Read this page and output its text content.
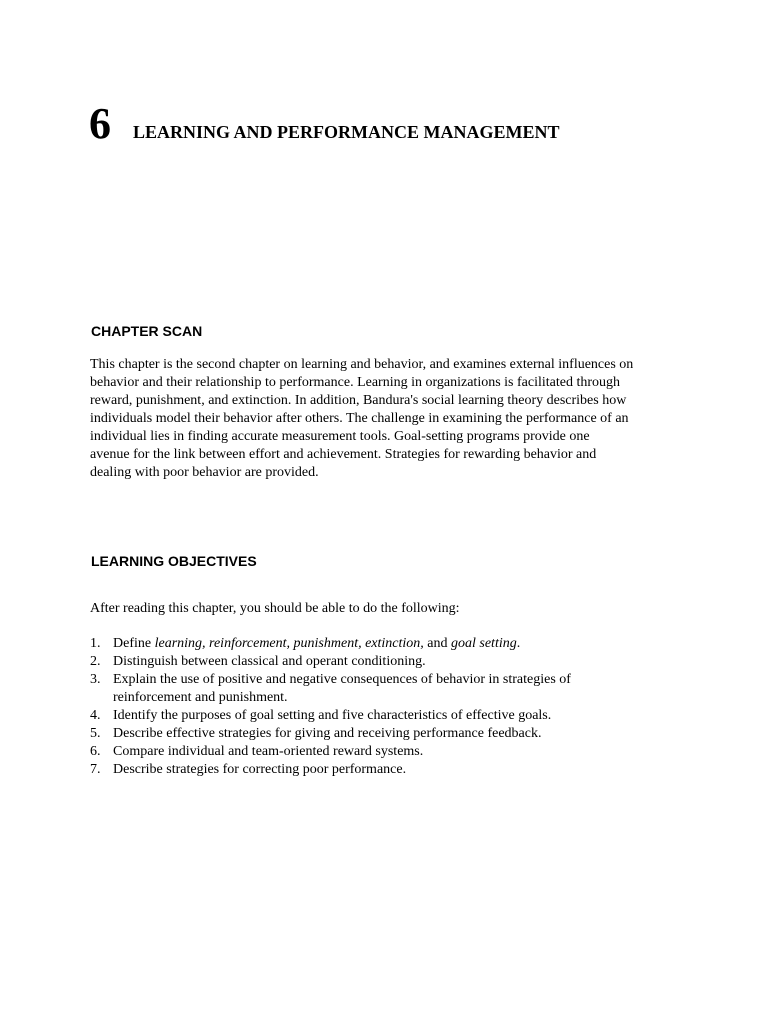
6 LEARNING AND PERFORMANCE MANAGEMENT
CHAPTER SCAN
This chapter is the second chapter on learning and behavior, and examines external influences on
behavior and their relationship to performance. Learning in organizations is facilitated through
reward, punishment, and extinction. In addition, Bandura's social learning theory describes how
individuals model their behavior after others. The challenge in examining the performance of an
individual lies in finding accurate measurement tools. Goal-setting programs provide one
avenue for the link between effort and achievement. Strategies for rewarding behavior and
dealing with poor behavior are provided.
LEARNING OBJECTIVES
After reading this chapter, you should be able to do the following:
1. Define learning, reinforcement, punishment, extinction, and goal setting.
2. Distinguish between classical and operant conditioning.
3. Explain the use of positive and negative consequences of behavior in strategies of
reinforcement and punishment.
4. Identify the purposes of goal setting and five characteristics of effective goals.
5. Describe effective strategies for giving and receiving performance feedback.
6. Compare individual and team-oriented reward systems.
7. Describe strategies for correcting poor performance.
